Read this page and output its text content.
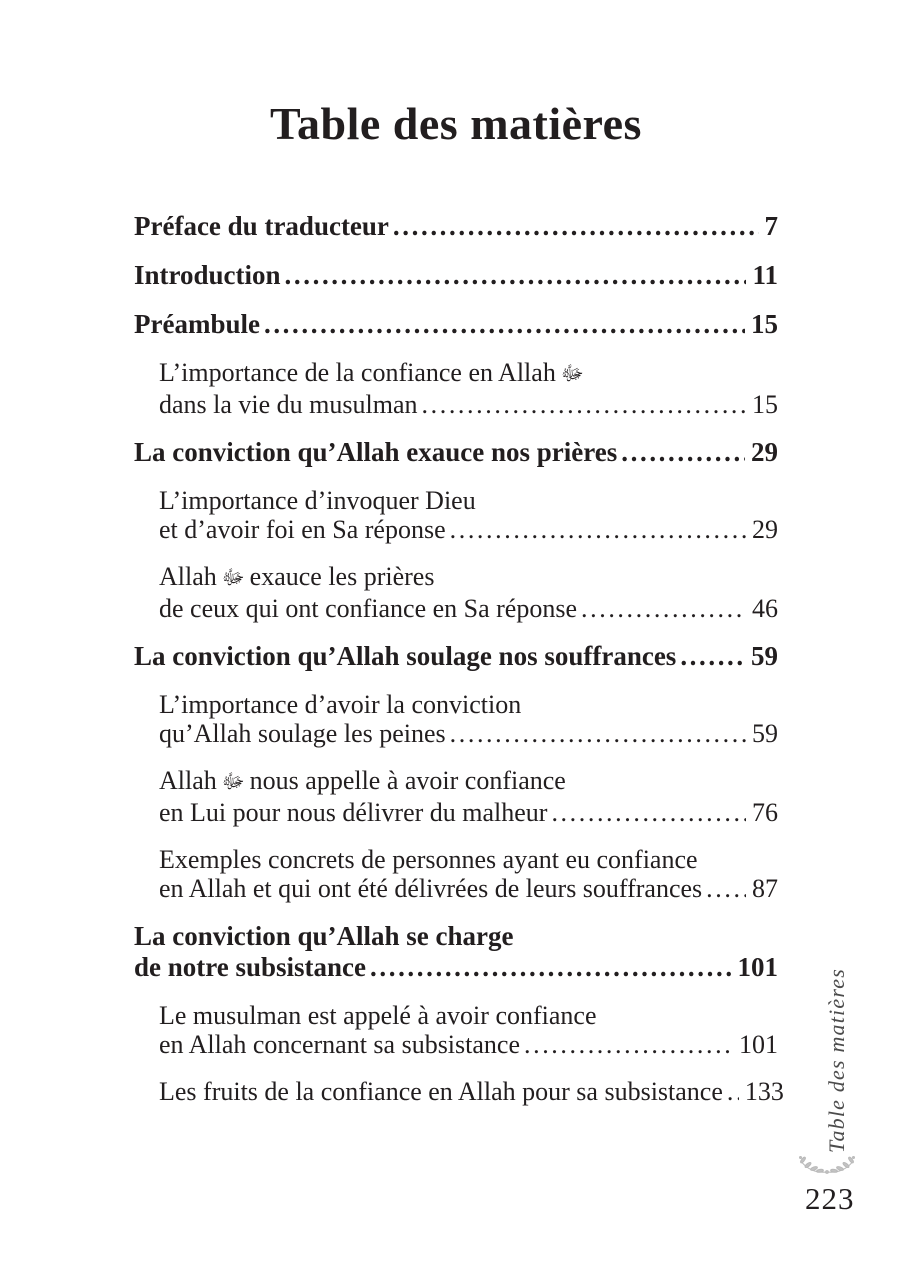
Table des matières
Préface du traducteur .....	7
Introduction .....	11
Préambule .....	15
L’importance de la confiance en Allah ﷻ
dans la vie du musulman .....	15
La conviction qu’Allah exauce nos prières .....	29
L’importance d’invoquer Dieu
et d’avoir foi en Sa réponse .....	29
Allah ﷻ exauce les prières
de ceux qui ont confiance en Sa réponse .....	46
La conviction qu’Allah soulage nos souffrances .....	59
L’importance d’avoir la conviction
qu’Allah soulage les peines .....	59
Allah ﷻ nous appelle à avoir confiance
en Lui pour nous délivrer du malheur .....	76
Exemples concrets de personnes ayant eu confiance
en Allah et qui ont été délivrées de leurs souffrances ..... 87
La conviction qu’Allah se charge
de notre subsistance .....	101
Le musulman est appelé à avoir confiance
en Allah concernant sa subsistance .....	101
Les fruits de la confiance en Allah pour sa subsistance ..... 133 Table des matières
223
